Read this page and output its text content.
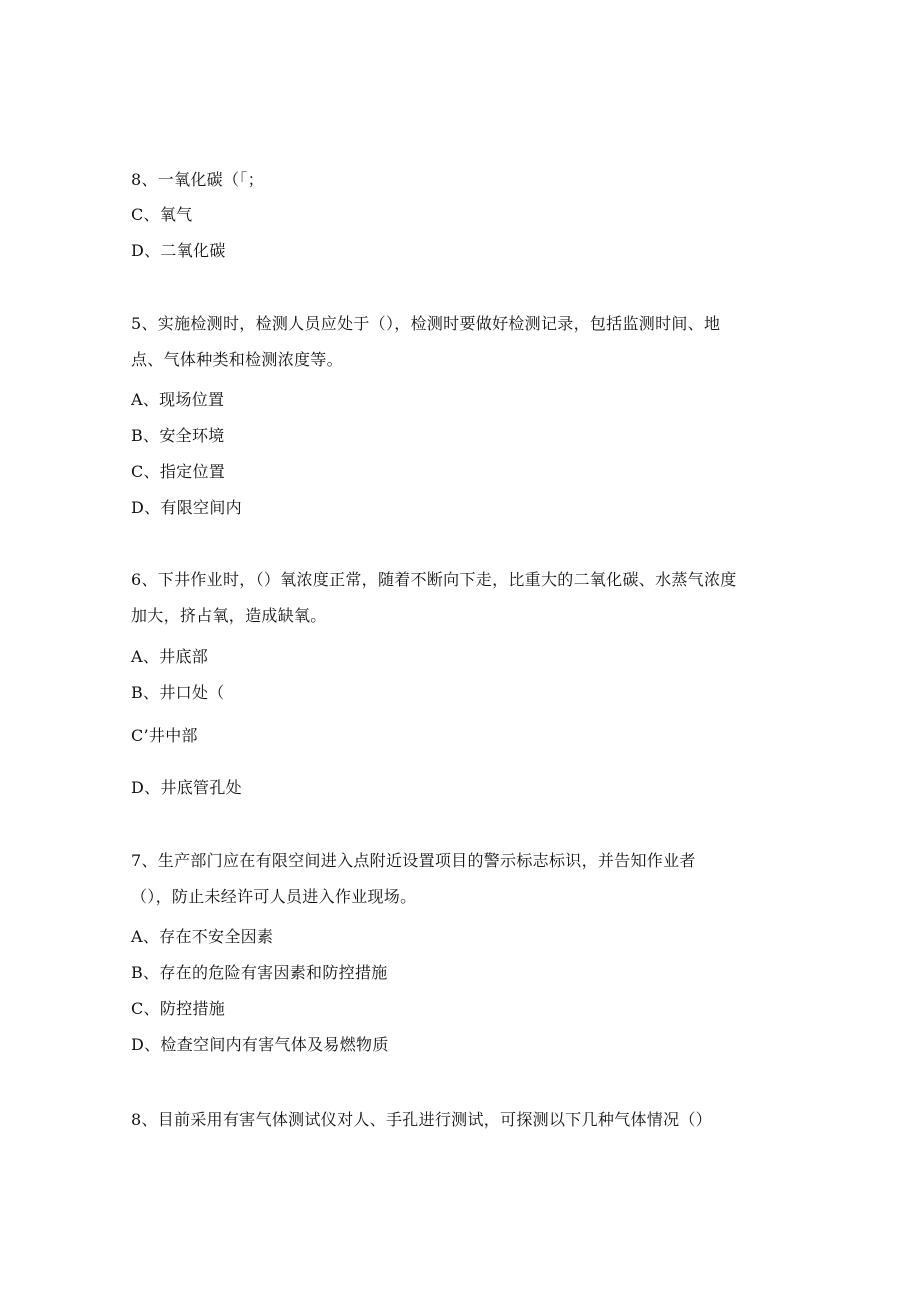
8、一氧化碳（「；
C、氧气
D、二氧化碳
5、实施检测时，检测人员应处于（），检测时要做好检测记录，包括监测时间、地
点、气体种类和检测浓度等。
A、现场位置
B、安全环境
C、指定位置
D、有限空间内
6、下井作业时，（）氧浓度正常，随着不断向下走，比重大的二氧化碳、水蒸气浓度
加大，挤占氧，造成缺氧。
A、井底部
B、井口处（
C’井中部
D、井底管孔处
7、生产部门应在有限空间进入点附近设置项目的警示标志标识，并告知作业者
（），防止未经许可人员进入作业现场。
A、存在不安全因素
B、存在的危险有害因素和防控措施
C、防控措施
D、检查空间内有害气体及易燃物质
8、目前采用有害气体测试仪对人、手孔进行测试，可探测以下几种气体情况（）
